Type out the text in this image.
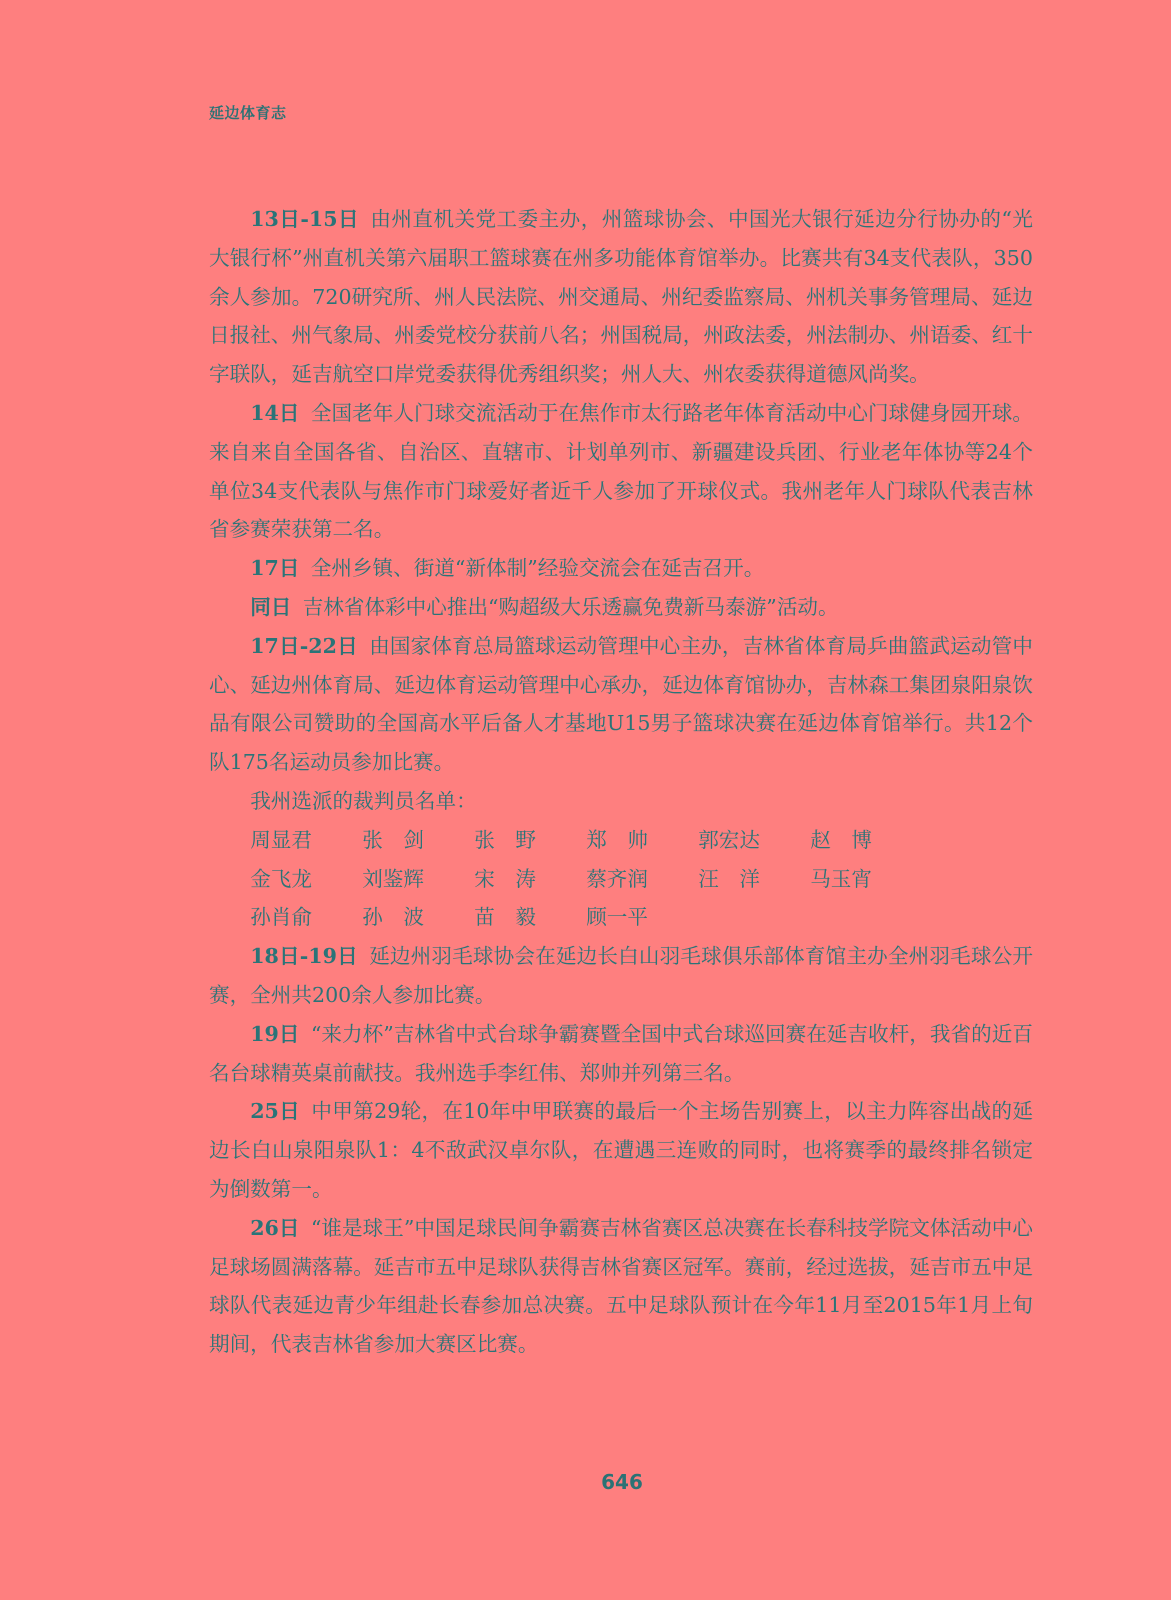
延边体育志

13日-15日 由州直机关党工委主办，州篮球协会、中国光大银行延边分行协办的“光大银行杯”州直机关第六届职工篮球赛在州多功能体育馆举办。比赛共有34支代表队，350余人参加。720研究所、州人民法院、州交通局、州纪委监察局、州机关事务管理局、延边日报社、州气象局、州委党校分获前八名；州国税局，州政法委，州法制办、州语委、红十字联队，延吉航空口岸党委获得优秀组织奖；州人大、州农委获得道德风尚奖。

14日 全国老年人门球交流活动于在焦作市太行路老年体育活动中心门球健身园开球。来自来自全国各省、自治区、直辖市、计划单列市、新疆建设兵团、行业老年体协等24个单位34支代表队与焦作市门球爱好者近千人参加了开球仪式。我州老年人门球队代表吉林省参赛荣获第二名。

17日 全州乡镇、街道“新体制”经验交流会在延吉召开。

同日 吉林省体彩中心推出“购超级大乐透赢免费新马泰游”活动。

17日-22日 由国家体育总局篮球运动管理中心主办，吉林省体育局乒曲篮武运动管中心、延边州体育局、延边体育运动管理中心承办，延边体育馆协办，吉林森工集团泉阳泉饮品有限公司赞助的全国高水平后备人才基地U15男子篮球决赛在延边体育馆举行。共12个队175名运动员参加比赛。

我州选派的裁判员名单：

周显君	张　剑	张　野	郑　帅	郭宏达	赵　博
金飞龙	刘鉴辉	宋　涛	蔡齐润	汪　洋	马玉宵
孙肖俞	孙　波	苗　毅	顾一平

18日-19日 延边州羽毛球协会在延边长白山羽毛球俱乐部体育馆主办全州羽毛球公开赛，全州共200余人参加比赛。

19日 “来力杯”吉林省中式台球争霸赛暨全国中式台球巡回赛在延吉收杆，我省的近百名台球精英桌前献技。我州选手李红伟、郑帅并列第三名。

25日 中甲第29轮，在10年中甲联赛的最后一个主场告别赛上，以主力阵容出战的延边长白山泉阳泉队1：4不敌武汉卓尔队，在遭遇三连败的同时，也将赛季的最终排名锁定为倒数第一。

26日 “谁是球王”中国足球民间争霸赛吉林省赛区总决赛在长春科技学院文体活动中心足球场圆满落幕。延吉市五中足球队获得吉林省赛区冠军。赛前，经过选拔，延吉市五中足球队代表延边青少年组赴长春参加总决赛。五中足球队预计在今年11月至2015年1月上旬期间，代表吉林省参加大赛区比赛。

646
